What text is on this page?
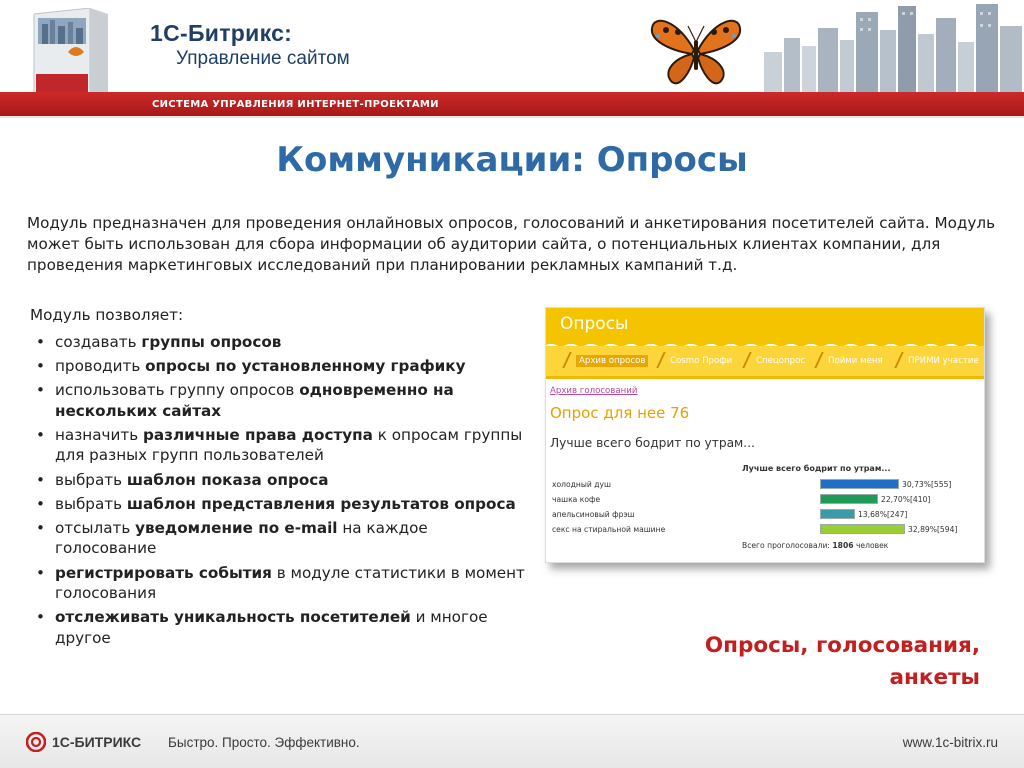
1С-Битрикс:
Управление сайтом
СИСТЕМА УПРАВЛЕНИЯ ИНТЕРНЕТ-ПРОЕКТАМИ
Коммуникации: Опросы

Модуль предназначен для проведения онлайновых опросов, голосований и анкетирования посетителей сайта. Модуль может быть использован для сбора информации об аудитории сайта, о потенциальных клиентах компании, для проведения маркетинговых исследований при планировании рекламных кампаний т.д.

Модуль позволяет:

• создавать группы опросов
• проводить опросы по установленному графику
• использовать группу опросов одновременно на нескольких сайтах
• назначить различные права доступа к опросам группы для разных групп пользователей
• выбрать шаблон показа опроса
• выбрать шаблон представления результатов опроса
• отсылать уведомление по e-mail на каждое голосование
• регистрировать события в модуле статистики в момент голосования
• отслеживать уникальность посетителей и многое другое
Опросы
Архив опросов	Cosmo Профи	Спецопрос	Пойми меня	ПРИМИ участие
Архив голосований
Опрос для нее 76
Лучше всего бодрит по утрам...
Лучше всего бодрит по утрам...
холодный душ	30,73%[555]
чашка кофе	22,70%[410]
апельсиновый фрэш	13,68%[247]
секс на стиральной машине	32,89%[594]
Всего проголосовали: 1806 человек
Опросы, голосования,
анкеты
1С-БИТРИКС Быстро. Просто. Эффективно.	www.1c-bitrix.ru
